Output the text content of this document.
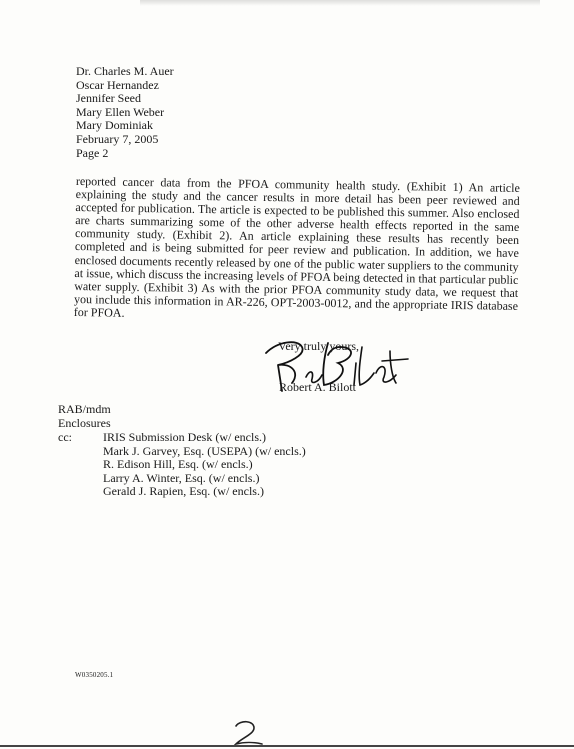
Dr. Charles M. Auer
Oscar Hernandez
Jennifer Seed
Mary Ellen Weber
Mary Dominiak
February 7, 2005
Page 2
reported cancer data from the PFOA community health study. (Exhibit 1) An article explaining the study and the cancer results in more detail has been peer reviewed and accepted for publication. The article is expected to be published this summer. Also enclosed are charts summarizing some of the other adverse health effects reported in the same community study. (Exhibit 2). An article explaining these results has recently been completed and is being submitted for peer review and publication. In addition, we have enclosed documents recently released by one of the public water suppliers to the community at issue, which discuss the increasing levels of PFOA being detected in that particular public water supply. (Exhibit 3) As with the prior PFOA community study data, we request that you include this information in AR-226, OPT-2003-0012, and the appropriate IRIS database for PFOA.
Very truly yours,
Robert A. Bilott
RAB/mdm
Enclosures
cc:	IRIS Submission Desk (w/ encls.)
Mark J. Garvey, Esq. (USEPA) (w/ encls.)
R. Edison Hill, Esq. (w/ encls.)
Larry A. Winter, Esq. (w/ encls.)
Gerald J. Rapien, Esq. (w/ encls.)
W0350205.1
